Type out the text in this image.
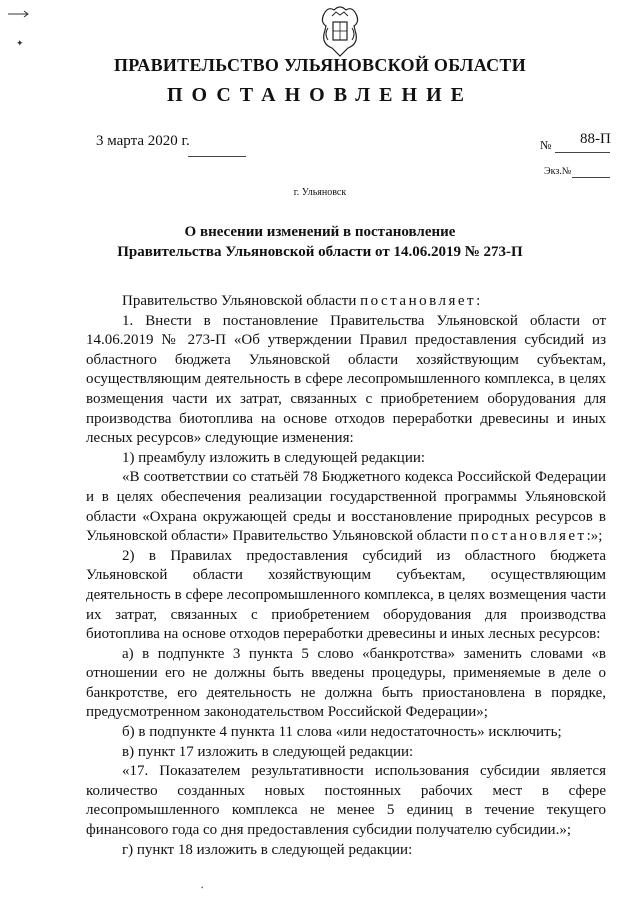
✦
ПРАВИТЕЛЬСТВО УЛЬЯНОВСКОЙ ОБЛАСТИ
ПОСТАНОВЛЕНИЕ
3 марта 2020 г.	№ 88-П
Экз.№
г. Ульяновск
О внесении изменений в постановление
Правительства Ульяновской области от 14.06.2019 № 273-П

Правительство Ульяновской области постановляет:

1. Внести в постановление Правительства Ульяновской области от 14.06.2019 № 273-П «Об утверждении Правил предоставления субсидий из областного бюджета Ульяновской области хозяйствующим субъектам, осуществляющим деятельность в сфере лесопромышленного комплекса, в целях возмещения части их затрат, связанных с приобретением оборудования для производства биотоплива на основе отходов переработки древесины и иных лесных ресурсов» следующие изменения:

1) преамбулу изложить в следующей редакции:

«В соответствии со статьёй 78 Бюджетного кодекса Российской Федерации и в целях обеспечения реализации государственной программы Ульяновской области «Охрана окружающей среды и восстановление природных ресурсов в Ульяновской области» Правительство Ульяновской области постановляет:»;

2) в Правилах предоставления субсидий из областного бюджета Ульяновской области хозяйствующим субъектам, осуществляющим деятельность в сфере лесопромышленного комплекса, в целях возмещения части их затрат, связанных с приобретением оборудования для производства биотоплива на основе отходов переработки древесины и иных лесных ресурсов:

а) в подпункте 3 пункта 5 слово «банкротства» заменить словами «в отношении его не должны быть введены процедуры, применяемые в деле о банкротстве, его деятельность не должна быть приостановлена в порядке, предусмотренном законодательством Российской Федерации»;

б) в подпункте 4 пункта 11 слова «или недостаточность» исключить;

в) пункт 17 изложить в следующей редакции:

«17. Показателем результативности использования субсидии является количество созданных новых постоянных рабочих мест в сфере лесопромышленного комплекса не менее 5 единиц в течение текущего финансового года со дня предоставления субсидии получателю субсидии.»;

г) пункт 18 изложить в следующей редакции:

•
